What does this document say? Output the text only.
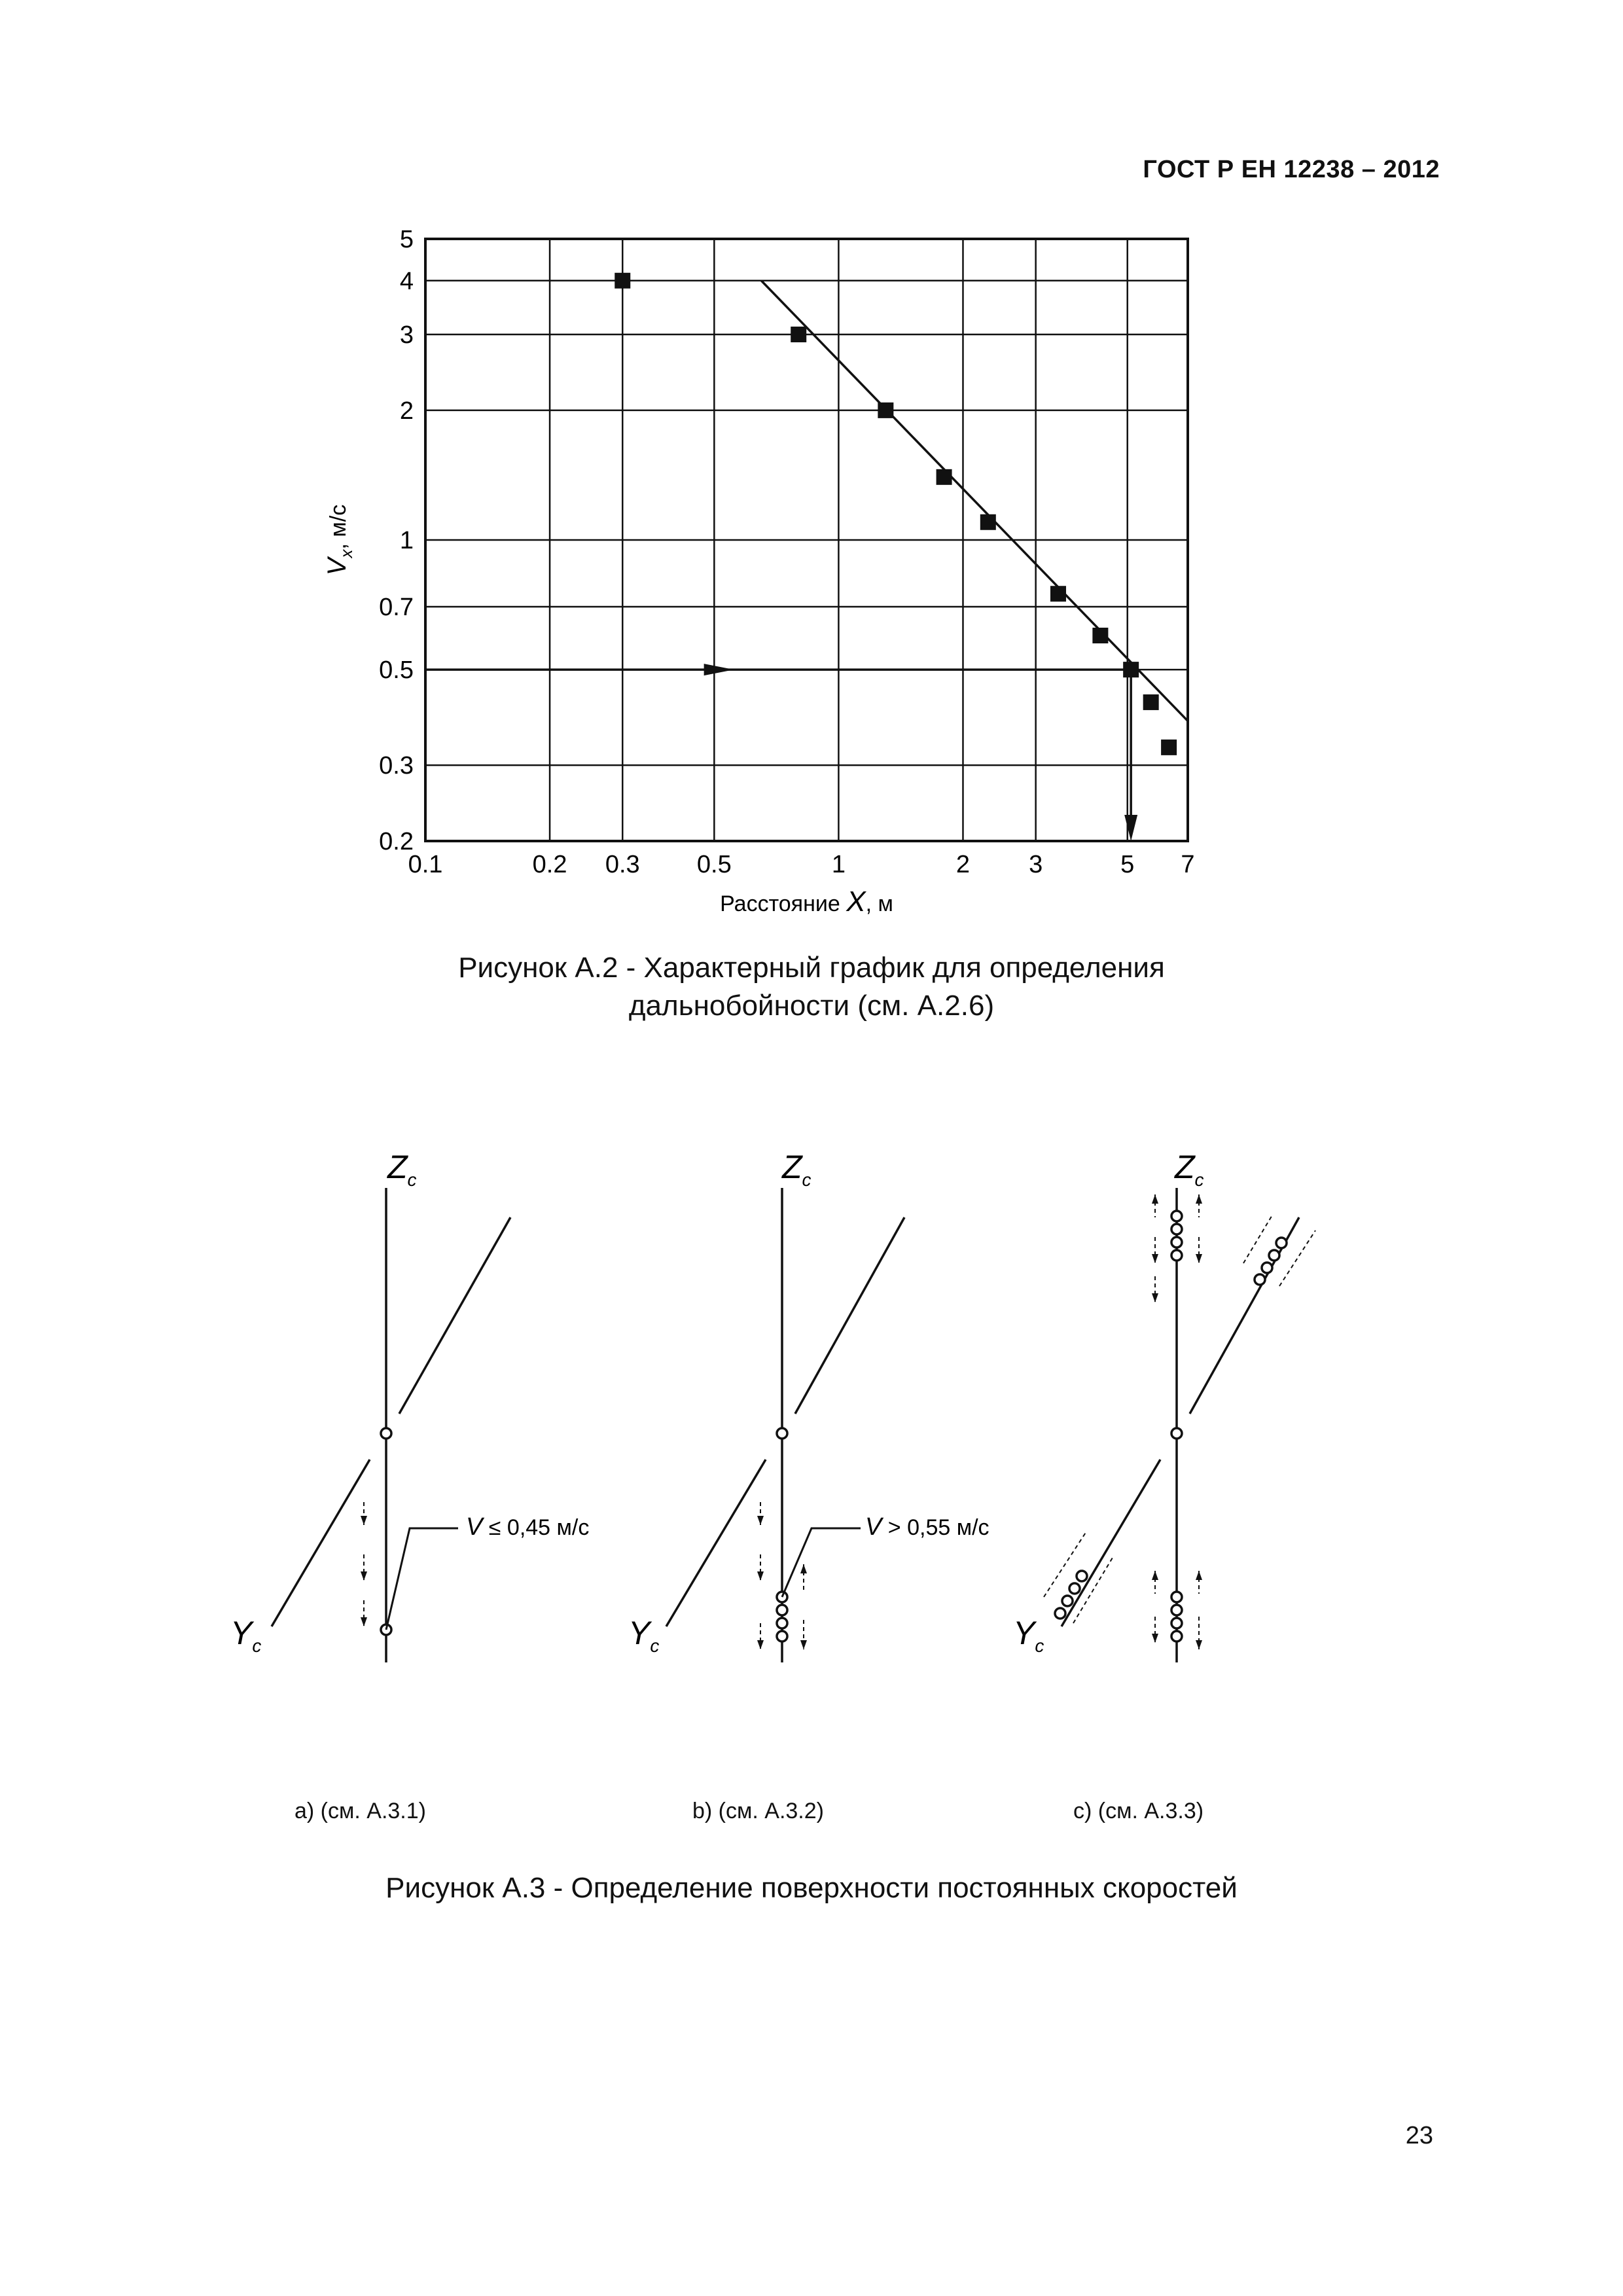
ГОСТ Р ЕН 12238 – 2012
0.1	0.2 0.3 0.5	1	2 3	5 7
0.2
0.3
0.5
0.7
1
2
3
4
5
Расстояние X, м
$V_x$, м/с
Рисунок А.2 - Характерный график для определения
дальнобойности (см. А.2.6)
$Z_c$
$Y_c$
V ≤ 0,45 м/с
$Z_c$
$Y_c$
V > 0,55 м/с
$Z_c$
$Y_c$
a) (см. А.3.1)	b) (см. А.3.2)	c) (см. А.3.3)
Рисунок А.3 - Определение поверхности постоянных скоростей
23
